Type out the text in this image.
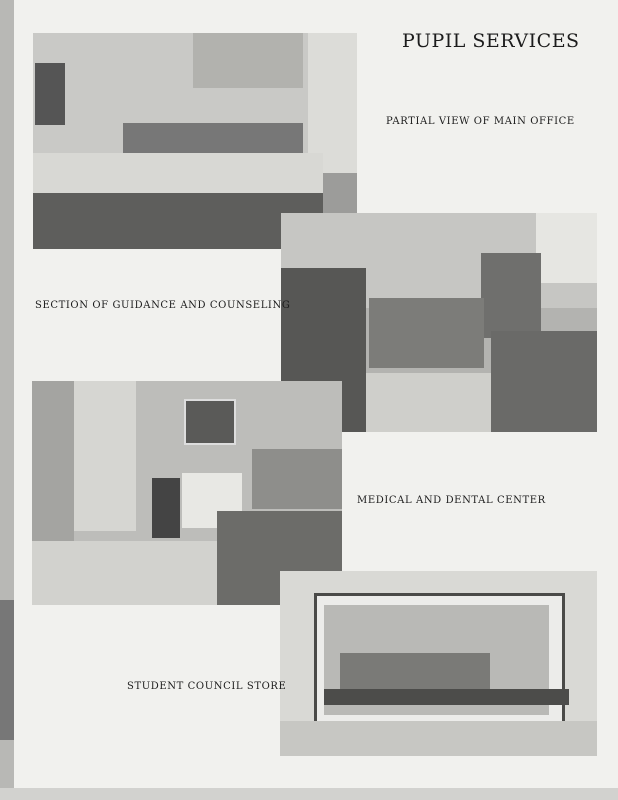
PUPIL SERVICES
PARTIAL VIEW OF MAIN OFFICE
SECTION OF GUIDANCE AND COUNSELING
MEDICAL AND DENTAL CENTER
STUDENT COUNCIL STORE
